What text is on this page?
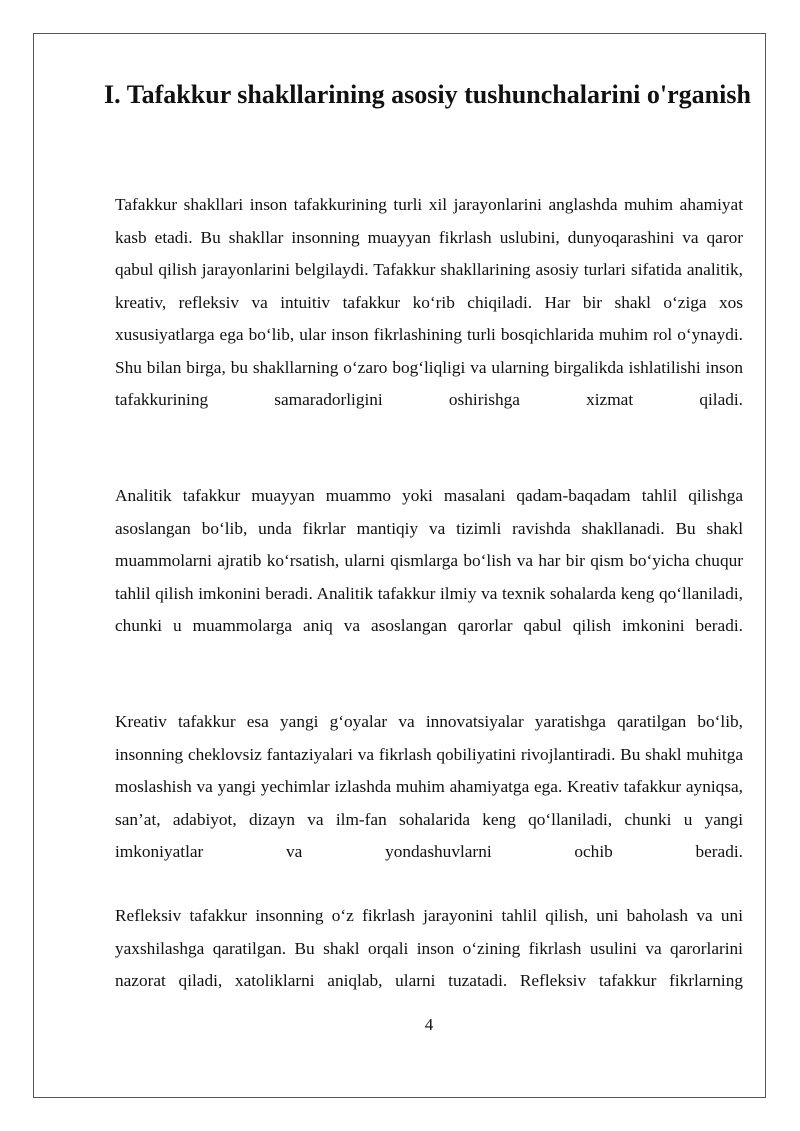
I. Tafakkur shakllarining asosiy tushunchalarini o'rganish

Tafakkur shakllari inson tafakkurining turli xil jarayonlarini anglashda muhim ahamiyat kasb etadi. Bu shakllar insonning muayyan fikrlash uslubini, dunyoqarashini va qaror qabul qilish jarayonlarini belgilaydi. Tafakkur shakllarining asosiy turlari sifatida analitik, kreativ, refleksiv va intuitiv tafakkur ko‘rib chiqiladi. Har bir shakl o‘ziga xos xususiyatlarga ega bo‘lib, ular inson fikrlashining turli bosqichlarida muhim rol o‘ynaydi. Shu bilan birga, bu shakllarning o‘zaro bog‘liqligi va ularning birgalikda ishlatilishi inson tafakkurining samaradorligini oshirishga xizmat qiladi.

Analitik tafakkur muayyan muammo yoki masalani qadam-baqadam tahlil qilishga asoslangan bo‘lib, unda fikrlar mantiqiy va tizimli ravishda shakllanadi. Bu shakl muammolarni ajratib ko‘rsatish, ularni qismlarga bo‘lish va har bir qism bo‘yicha chuqur tahlil qilish imkonini beradi. Analitik tafakkur ilmiy va texnik sohalarda keng qo‘llaniladi, chunki u muammolarga aniq va asoslangan qarorlar qabul qilish imkonini beradi.

Kreativ tafakkur esa yangi g‘oyalar va innovatsiyalar yaratishga qaratilgan bo‘lib, insonning cheklovsiz fantaziyalari va fikrlash qobiliyatini rivojlantiradi. Bu shakl muhitga moslashish va yangi yechimlar izlashda muhim ahamiyatga ega. Kreativ tafakkur ayniqsa, san’at, adabiyot, dizayn va ilm-fan sohalarida keng qo‘llaniladi, chunki u yangi imkoniyatlar va yondashuvlarni ochib beradi.

Refleksiv tafakkur insonning o‘z fikrlash jarayonini tahlil qilish, uni baholash va uni yaxshilashga qaratilgan. Bu shakl orqali inson o‘zining fikrlash usulini va qarorlarini nazorat qiladi, xatoliklarni aniqlab, ularni tuzatadi. Refleksiv tafakkur fikrlarning

4
